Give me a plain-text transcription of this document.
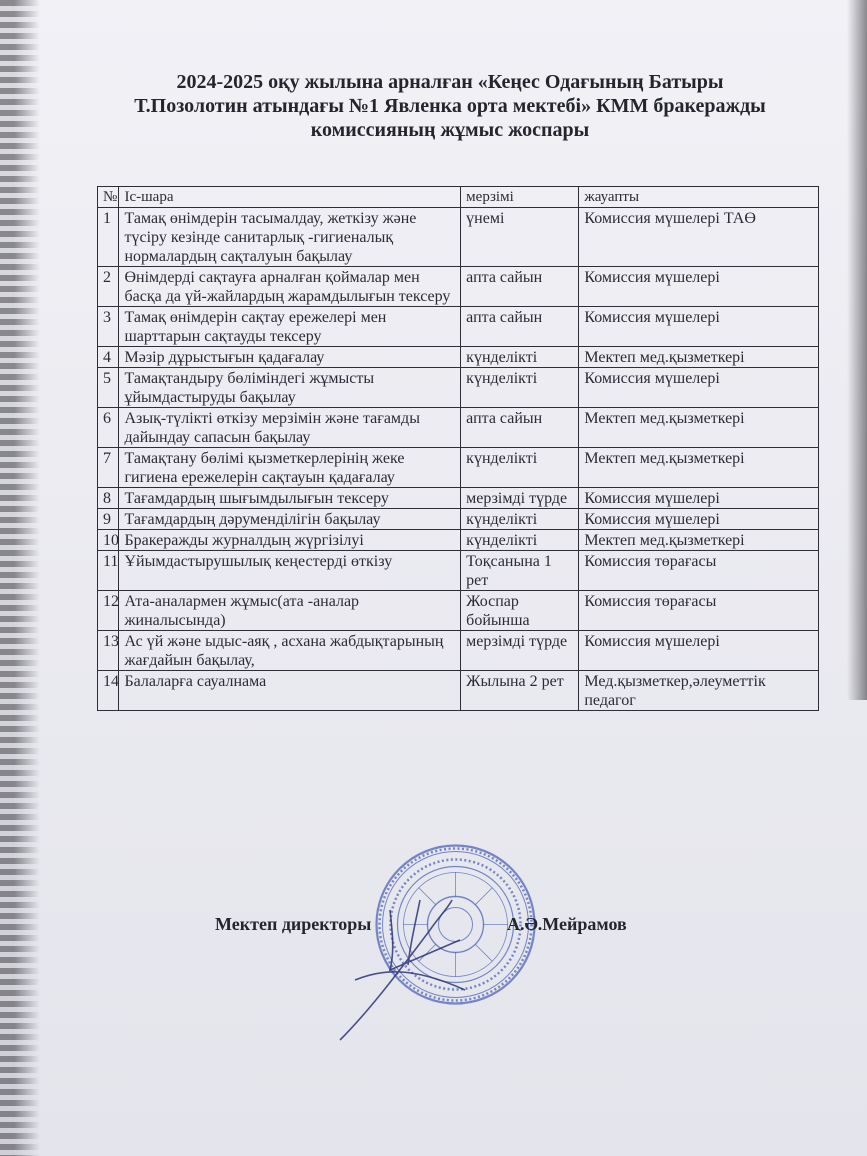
2024-2025 оқу жылына арналған «Кеңес Одағының Батыры
Т.Позолотин атындағы №1 Явленка орта мектебі» КММ бракеражды
комиссияның жұмыс жоспары
№	Іс-шара	мерзімі	жауапты
1	Тамақ өнімдерін тасымалдау, жеткізу және түсіру кезінде санитарлық -гигиеналық нормалардың сақталуын бақылау	үнемі	Комиссия мүшелері ТАӨ
2	Өнімдерді сақтауға арналған қоймалар мен басқа да үй-жайлардың жарамдылығын тексеру	апта сайын	Комиссия мүшелері
3	Тамақ өнімдерін сақтау ережелері мен шарттарын сақтауды тексеру	апта сайын	Комиссия мүшелері
4	Мәзір дұрыстығын қадағалау	күнделікті	Мектеп мед.қызметкері
5	Тамақтандыру бөліміндегі жұмысты ұйымдастыруды бақылау	күнделікті	Комиссия мүшелері
6	Азық-түлікті өткізу мерзімін және тағамды дайындау сапасын бақылау	апта сайын	Мектеп мед.қызметкері
7	Тамақтану бөлімі қызметкерлерінің жеке гигиена ережелерін сақтауын қадағалау	күнделікті	Мектеп мед.қызметкері
8	Тағамдардың шығымдылығын тексеру	мерзімді түрде	Комиссия мүшелері
9	Тағамдардың дәрумендiлiгiн бақылау	күнделікті	Комиссия мүшелері
10	Бракеражды журналдың жүргізілуі	күнделікті	Мектеп мед.қызметкері
11	Ұйымдастырушылық кеңестерді өткізу	Тоқсанына 1 рет	Комиссия төрағасы
12	Ата-аналармен жұмыс(ата -аналар жиналысында)	Жоспар бойынша	Комиссия төрағасы
13	Ас үй және ыдыс-аяқ , асхана жабдықтарының жағдайын бақылау,	мерзімді түрде	Комиссия мүшелері
14	Балаларға сауалнама	Жылына 2 рет	Мед.қызметкер,әлеуметтік педагог
Мектеп директоры	А.Ә.Мейрамов
